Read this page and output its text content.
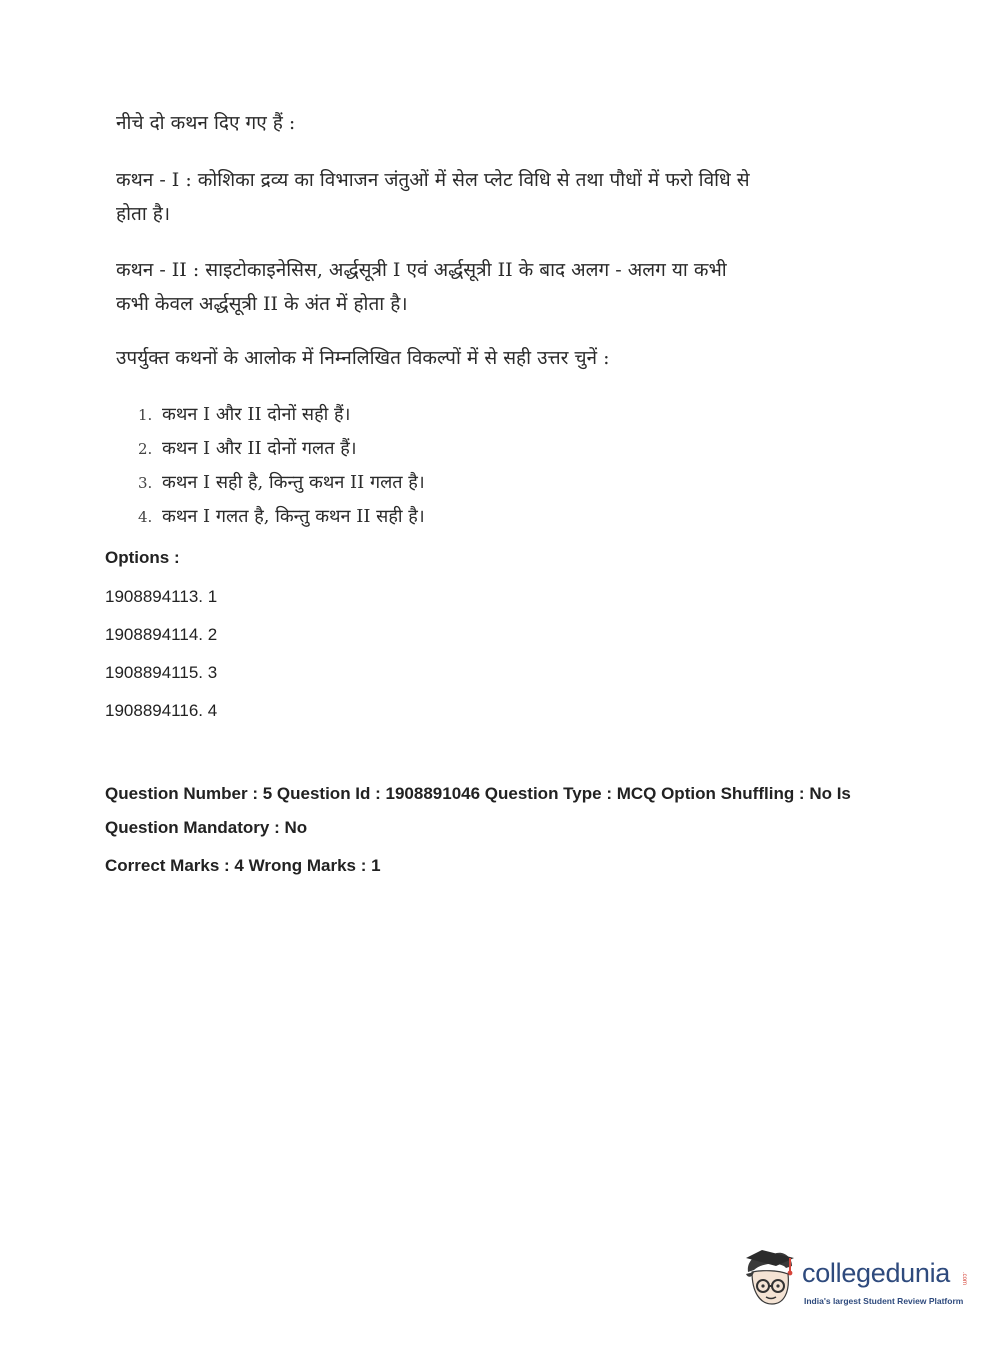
नीचे दो कथन दिए गए हैं :
कथन - I : कोशिका द्रव्य का विभाजन जंतुओं में सेल प्लेट विधि से तथा पौधों में फरो विधि से होता है।
कथन - II : साइटोकाइनेसिस, अर्द्धसूत्री I एवं अर्द्धसूत्री II के बाद अलग - अलग या कभी कभी केवल अर्द्धसूत्री II के अंत में होता है।
उपर्युक्त कथनों के आलोक में निम्नलिखित विकल्पों में से सही उत्तर चुनें :
1. कथन I और II दोनों सही हैं।
2. कथन I और II दोनों गलत हैं।
3. कथन I सही है, किन्तु कथन II गलत है।
4. कथन I गलत है, किन्तु कथन II सही है।
Options :
1908894113. 1
1908894114. 2
1908894115. 3
1908894116. 4
Question Number : 5 Question Id : 1908891046 Question Type : MCQ Option Shuffling : No Is
Question Mandatory : No
Correct Marks : 4 Wrong Marks : 1
collegedunia .com
India's largest Student Review Platform
